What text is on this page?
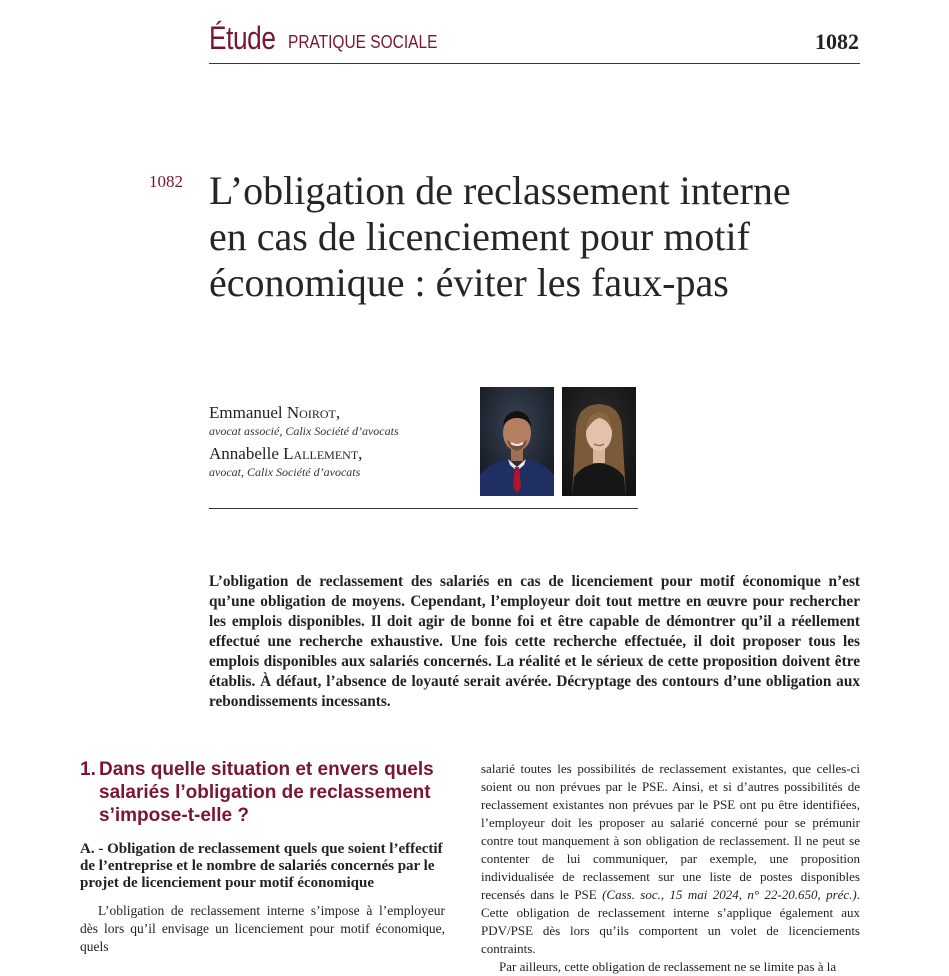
Étude PRATIQUE SOCIALE	1082
1082 L’obligation de reclassement interne en cas de licenciement pour motif économique : éviter les faux-pas
Emmanuel Noirot,
avocat associé, Calix Société d’avocats
Annabelle Lallement,
avocat, Calix Société d’avocats

L’obligation de reclassement des salariés en cas de licenciement pour motif économique n’est qu’une obligation de moyens. Cependant, l’employeur doit tout mettre en œuvre pour rechercher les emplois disponibles. Il doit agir de bonne foi et être capable de démontrer qu’il a réellement effectué une recherche exhaustive. Une fois cette recherche effectuée, il doit proposer tous les emplois disponibles aux salariés concernés. La réalité et le sérieux de cette proposition doivent être établis. À défaut, l’absence de loyauté serait avérée. Décryptage des contours d’une obligation aux rebondissements incessants.

1. Dans quelle situation et envers quels salariés l’obligation de reclassement s’impose-t-elle ?
A. - Obligation de reclassement quels que soient l’effectif de l’entreprise et le nombre de salariés concernés par le projet de licenciement pour motif économique

L’obligation de reclassement interne s’impose à l’employeur dès lors qu’il envisage un licenciement pour motif économique, quels

salarié toutes les possibilités de reclassement existantes, que celles-ci soient ou non prévues par le PSE. Ainsi, et si d’autres possibilités de reclassement existantes non prévues par le PSE ont pu être identifiées, l’employeur doit les proposer au salarié concerné pour se prémunir contre tout manquement à son obligation de reclassement. Il ne peut se contenter de lui communiquer, par exemple, une proposition individualisée de reclassement sur une liste de postes disponibles recensés dans le PSE (Cass. soc., 15 mai 2024, n° 22-20.650, préc.). Cette obligation de reclassement interne s’applique également aux PDV/PSE dès lors qu’ils comportent un volet de licenciements contraints.

Par ailleurs, cette obligation de reclassement ne se limite pas à la
